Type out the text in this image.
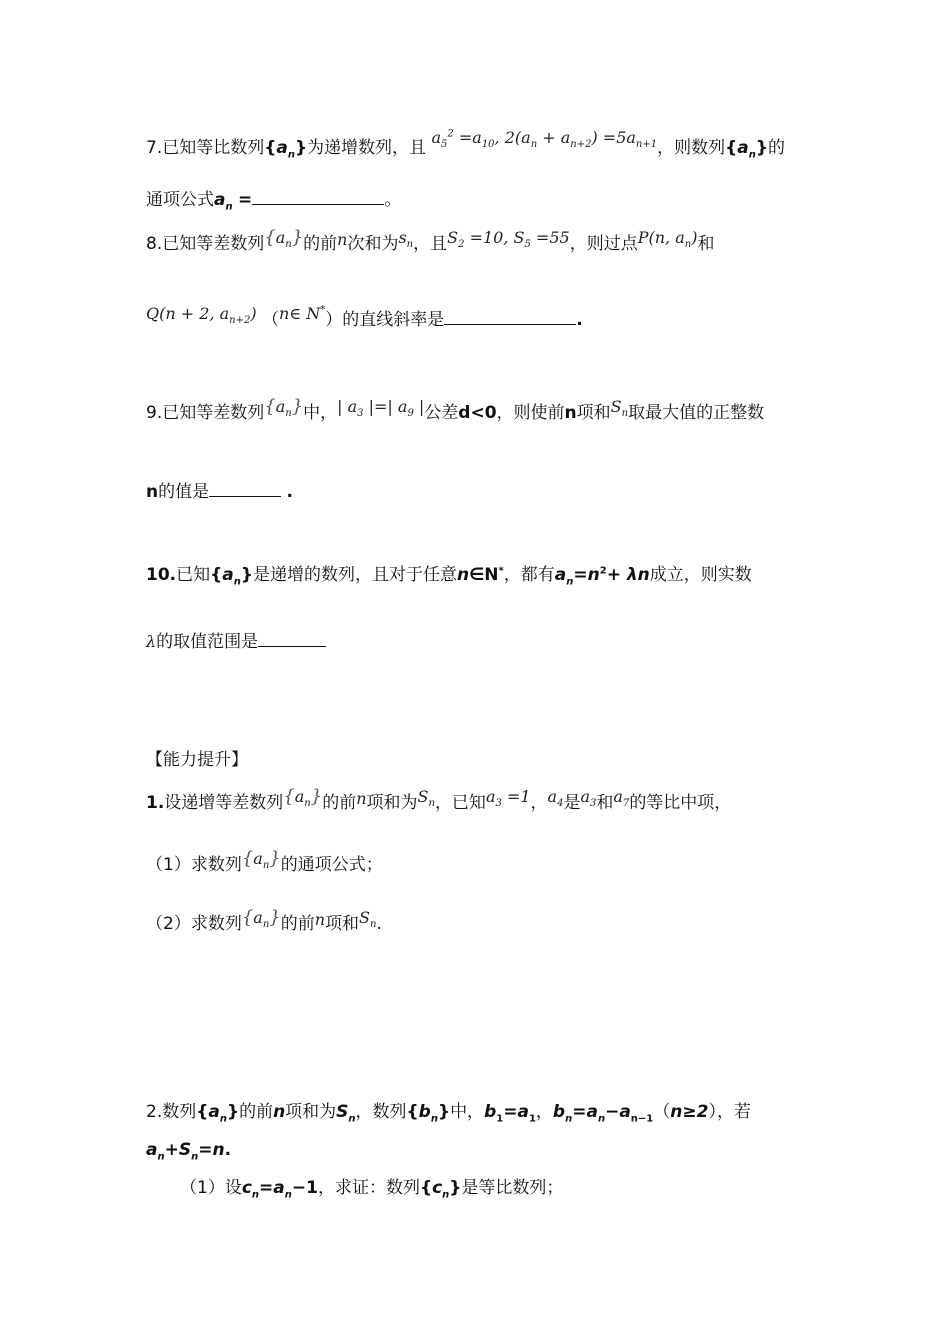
7.已知等比数列$\{a_n\}$为递增数列，且 $a_5^2 =a_{10}$, $2(a_n + a_{n+2}) =5a_{n+1}$，则数列$\{a_n\}$的
通项公式$a_n$ =	。
8.已知等差数列$\{a_n\}$的前n次和为$s_n$，且$S_2 =10$, $S_5 =55$，则过点P(n, $a_n$)和
Q(n + 2, $a_{n+2}$) （n∈ N*）的直线斜率是	.
9.已知等差数列$\{a_n\}$中，| $a_3$ |=| $a_9$ |公差d<0，则使前n项和$S_n$取最大值的正整数
n的值是	.
10.已知$\{a_n\}$是递增的数列，且对于任意n∈N*，都有$a_n=n^2+ \lambda n$成立，则实数
λ的取值范围是
【能力提升】
1.设递增等差数列$\{a_n\}$的前n项和为$S_n$，已知$a_3 =1$，$a_4$是$a_3$和$a_7$的等比中项，
（1）求数列$\{a_n\}$的通项公式；
（2）求数列$\{a_n\}$的前n项和$S_n$.
2.数列$\{a_n\}$的前n项和为$S_n$，数列$\{b_n\}$中，$b_1=a_1$，$b_n=a_n-a_{n-1}(n\ge 2)$，若
$a_n+S_n=n$.
（1）设$c_n=a_n-1$，求证：数列$\{c_n\}$是等比数列；
